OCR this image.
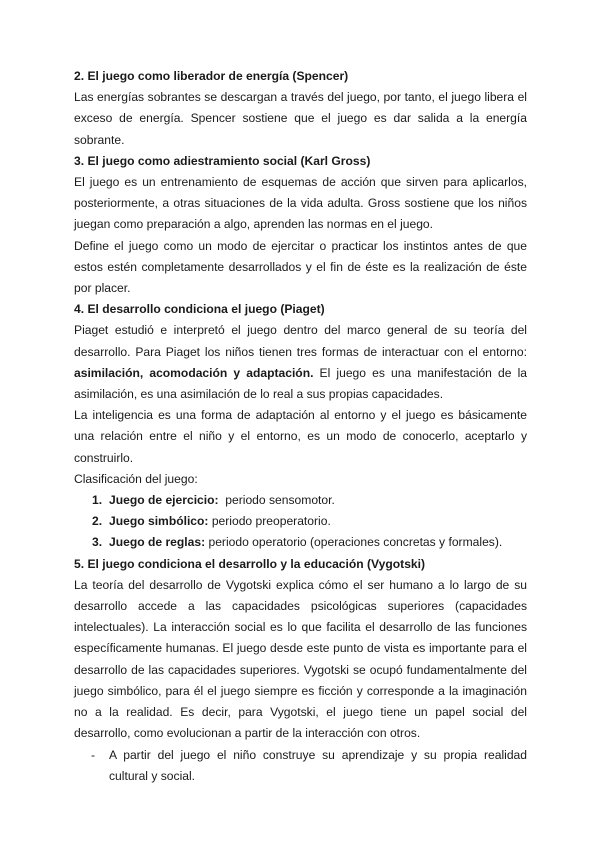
2. El juego como liberador de energía (Spencer)

Las energías sobrantes se descargan a través del juego, por tanto, el juego libera el exceso de energía. Spencer sostiene que el juego es dar salida a la energía sobrante.

3. El juego como adiestramiento social (Karl Gross)

El juego es un entrenamiento de esquemas de acción que sirven para aplicarlos, posteriormente, a otras situaciones de la vida adulta. Gross sostiene que los niños juegan como preparación a algo, aprenden las normas en el juego.

Define el juego como un modo de ejercitar o practicar los instintos antes de que estos estén completamente desarrollados y el fin de éste es la realización de éste por placer.

4. El desarrollo condiciona el juego (Piaget)

Piaget estudió e interpretó el juego dentro del marco general de su teoría del desarrollo. Para Piaget los niños tienen tres formas de interactuar con el entorno: asimilación, acomodación y adaptación. El juego es una manifestación de la asimilación, es una asimilación de lo real a sus propias capacidades.

La inteligencia es una forma de adaptación al entorno y el juego es básicamente una relación entre el niño y el entorno, es un modo de conocerlo, aceptarlo y construirlo.

Clasificación del juego:

1. Juego de ejercicio:  periodo sensomotor.
2. Juego simbólico: periodo preoperatorio.
3. Juego de reglas: periodo operatorio (operaciones concretas y formales).
5. El juego condiciona el desarrollo y la educación (Vygotski)

La teoría del desarrollo de Vygotski explica cómo el ser humano a lo largo de su desarrollo accede a las capacidades psicológicas superiores (capacidades intelectuales). La interacción social es lo que facilita el desarrollo de las funciones específicamente humanas. El juego desde este punto de vista es importante para el desarrollo de las capacidades superiores. Vygotski se ocupó fundamentalmente del juego simbólico, para él el juego siempre es ficción y corresponde a la imaginación no a la realidad. Es decir, para Vygotski, el juego tiene un papel social del desarrollo, como evolucionan a partir de la interacción con otros.

- A partir del juego el niño construye su aprendizaje y su propia realidad cultural y social.
